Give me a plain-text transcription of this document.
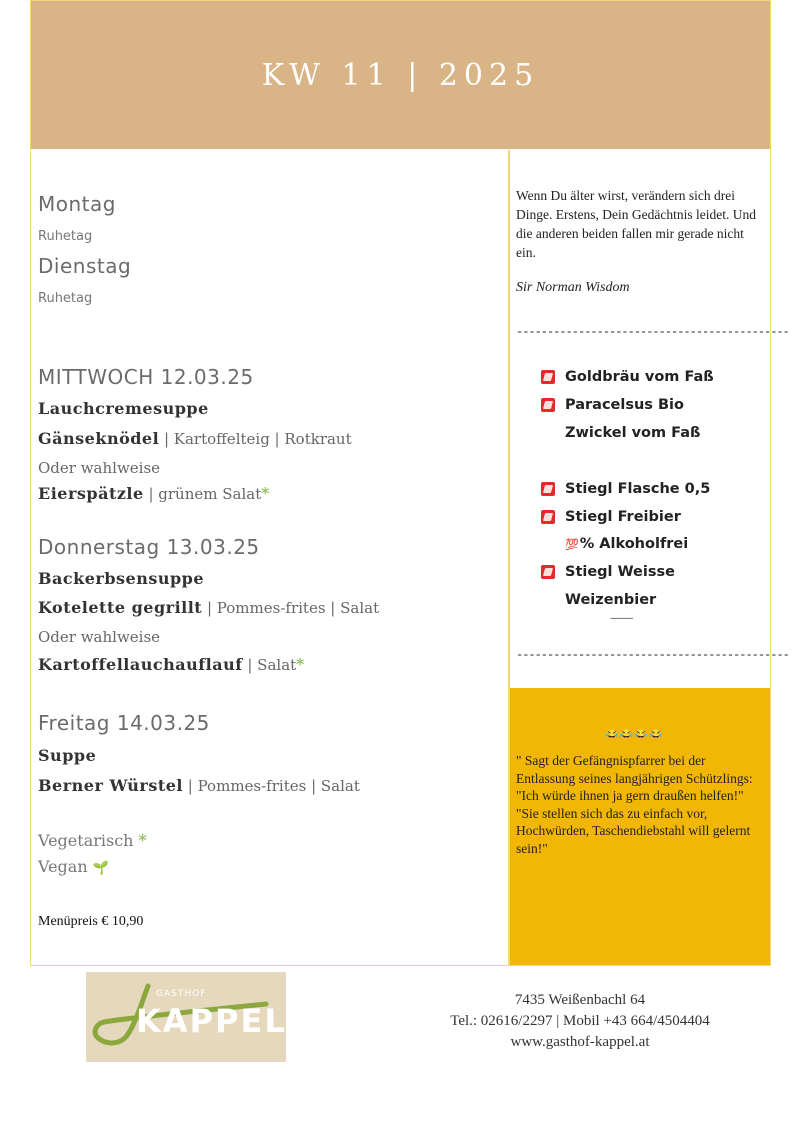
KW 11 | 2025
Montag
Ruhetag
Dienstag
Ruhetag
MITTWOCH 12.03.25
Lauchcremesuppe
Gänseknödel | Kartoffelteig | Rotkraut
Oder wahlweise
Eierspätzle | grünem Salat*
Donnerstag 13.03.25
Backerbsensuppe
Kotelette gegrillt | Pommes-frites | Salat
Oder wahlweise
Kartoffellauchauflauf | Salat*
Freitag 14.03.25
Suppe
Berner Würstel | Pommes-frites | Salat
Vegetarisch *
Vegan 🌱
Menüpreis € 10,90
Wenn Du älter wirst, verändern sich drei Dinge. Erstens, Dein Gedächtnis leidet. Und die anderen beiden fallen mir gerade nicht ein.
Sir Norman Wisdom
--------------------------------------------
Goldbräu vom Faß
Paracelsus Bio
Zwickel vom Faß
Stiegl Flasche 0,5
Stiegl Freibier
💯% Alkoholfrei
Stiegl Weisse
Weizenbier
-----------
--------------------------------------------
😂😂😂😂
" Sagt der Gefängnispfarrer bei der Entlassung seines langjährigen Schützlings: "Ich würde ihnen ja gern draußen helfen!" "Sie stellen sich das zu einfach vor, Hochwürden, Taschendiebstahl will gelernt sein!"
GASTHOF
KAPPEL
7435 Weißenbachl 64
Tel.: 02616/2297 | Mobil +43 664/4504404
www.gasthof-kappel.at
